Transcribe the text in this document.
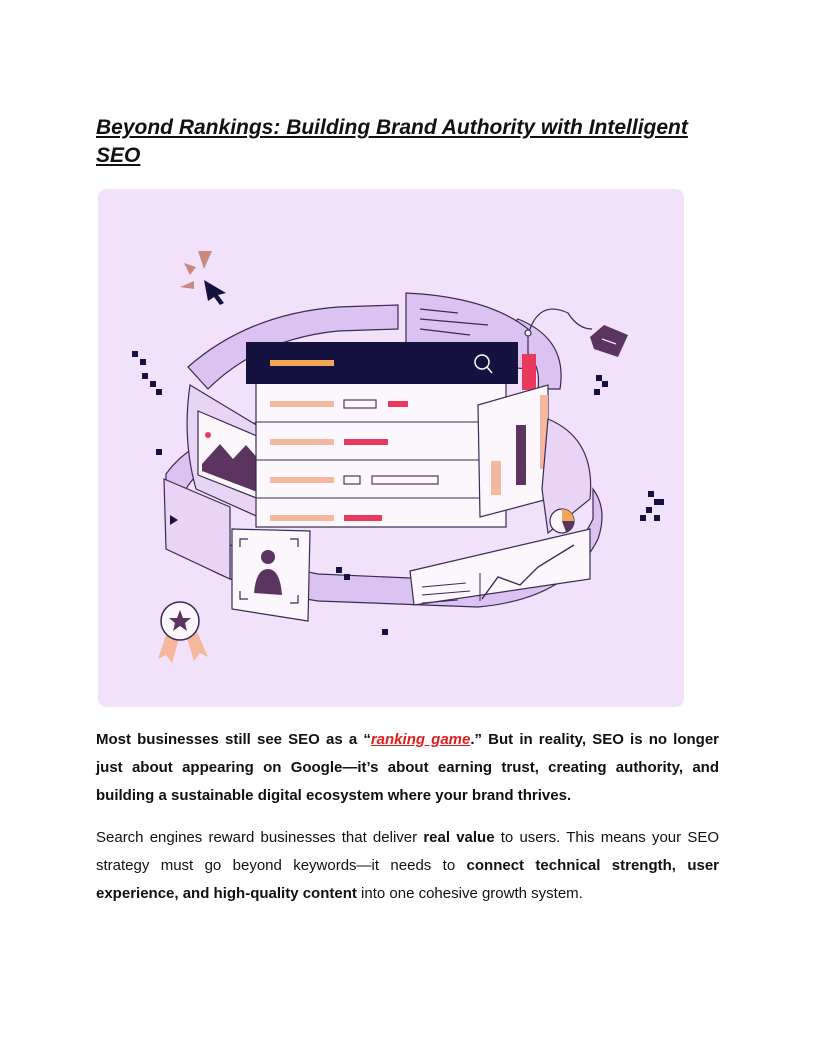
Beyond Rankings: Building Brand Authority with Intelligent SEO

Most businesses still see SEO as a “ranking game.” But in reality, SEO is no longer just about appearing on Google—it’s about earning trust, creating authority, and building a sustainable digital ecosystem where your brand thrives.

Search engines reward businesses that deliver real value to users. This means your SEO strategy must go beyond keywords—it needs to connect technical strength, user experience, and high-quality content into one cohesive growth system.
